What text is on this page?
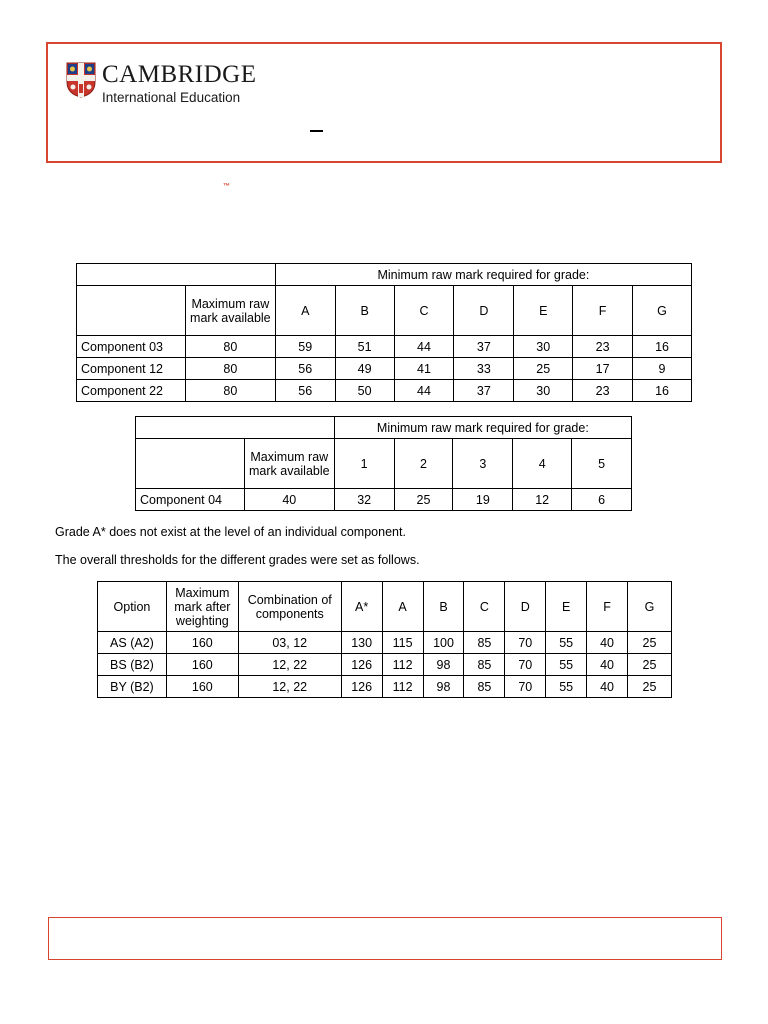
CAMBRIDGE
International Education
™
		Minimum raw mark required for grade:						
	Maximum raw mark available	A	B	C	D	E	F	G
Component 03	80	59	51	44	37	30	23	16
Component 12	80	56	49	41	33	25	17	9
Component 22	80	56	50	44	37	30	23	16
		Minimum raw mark required for grade:				
	Maximum raw mark available	1	2	3	4	5
Component 04	40	32	25	19	12	6
Grade A* does not exist at the level of an individual component.
The overall thresholds for the different grades were set as follows.
Option	Maximum mark after weighting	Combination of components	A*	A	B	C	D	E	F	G
AS (A2)	160	03, 12	130	115	100	85	70	55	40	25
BS (B2)	160	12, 22	126	112	98	85	70	55	40	25
BY (B2)	160	12, 22	126	112	98	85	70	55	40	25
